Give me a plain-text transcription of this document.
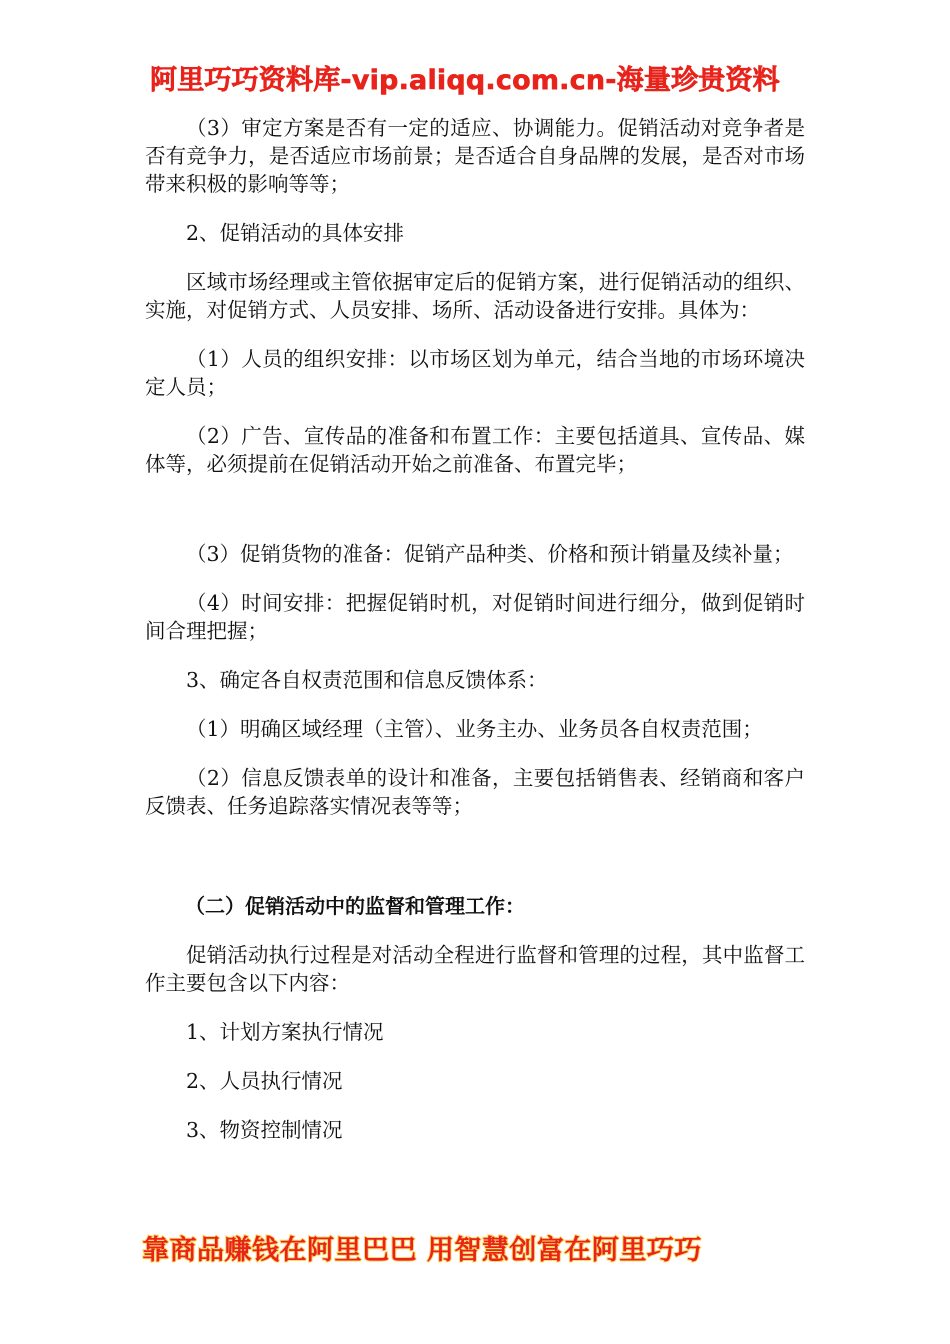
阿里巧巧资料库-vip.aliqq.com.cn-海量珍贵资料

（3）审定方案是否有一定的适应、协调能力。促销活动对竞争者是否有竞争力，是否适应市场前景；是否适合自身品牌的发展，是否对市场带来积极的影响等等；

2、促销活动的具体安排

区域市场经理或主管依据审定后的促销方案，进行促销活动的组织、实施，对促销方式、人员安排、场所、活动设备进行安排。具体为：

（1）人员的组织安排：以市场区划为单元，结合当地的市场环境决定人员；

（2）广告、宣传品的准备和布置工作：主要包括道具、宣传品、媒体等，必须提前在促销活动开始之前准备、布置完毕；

（3）促销货物的准备：促销产品种类、价格和预计销量及续补量；

（4）时间安排：把握促销时机，对促销时间进行细分，做到促销时间合理把握；

3、确定各自权责范围和信息反馈体系：

（1）明确区域经理（主管）、业务主办、业务员各自权责范围；

（2）信息反馈表单的设计和准备，主要包括销售表、经销商和客户反馈表、任务追踪落实情况表等等；

（二）促销活动中的监督和管理工作：

促销活动执行过程是对活动全程进行监督和管理的过程，其中监督工作主要包含以下内容：

1、计划方案执行情况

2、人员执行情况

3、物资控制情况

靠商品赚钱在阿里巴巴 用智慧创富在阿里巧巧
